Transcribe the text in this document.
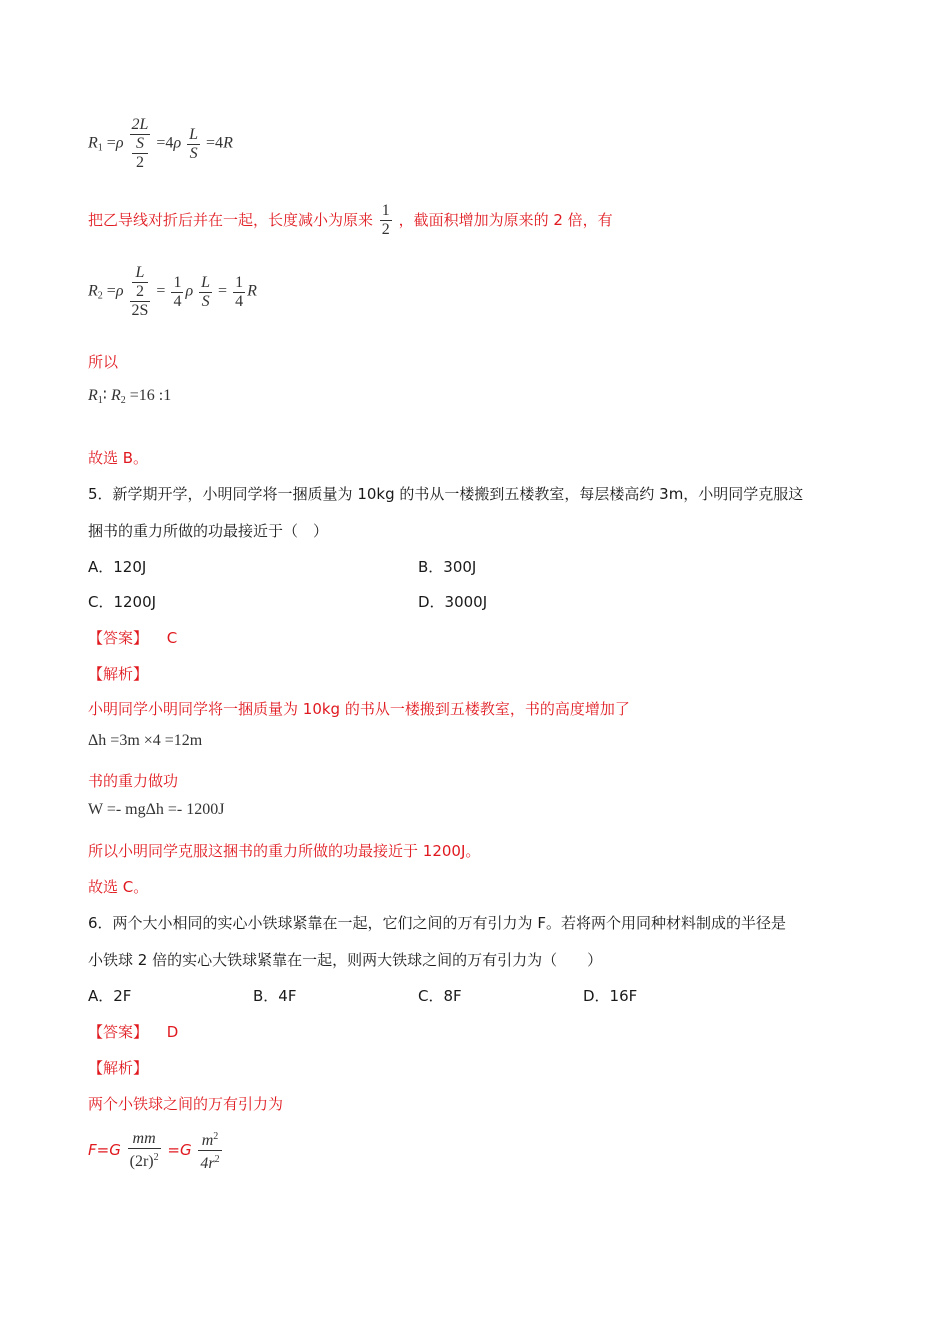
$R_1 =\rho$ 2L
S
$2 =4\rho \frac{L}{S} =4R$
把乙导线对折后并在一起，长度减小为原来 $\frac{1}{2}$ ，截面积增加为原来的 2 倍，有
$R_2 =\rho$ L
2
$2S = \frac{1}{4}$ ρ $\frac{L}{S} = \frac{1}{4}$ R
所以
$R_1∶$ $R_2 =16$ :1
故选 B。
5．新学期开学，小明同学将一捆质量为 10kg 的书从一楼搬到五楼教室，每层楼高约 3m，小明同学克服这
捆书的重力所做的功最接近于（　）
A．120J	B．300J
C．1200J	D．3000J
【答案】 C
【解析】
小明同学小明同学将一捆质量为 10kg 的书从一楼搬到五楼教室，书的高度增加了
Δh =3m ×4 =12m
书的重力做功
W =- mgΔh =- 1200J
所以小明同学克服这捆书的重力所做的功最接近于 1200J。
故选 C。
6．两个大小相同的实心小铁球紧靠在一起，它们之间的万有引力为 F。若将两个用同种材料制成的半径是
小铁球 2 倍的实心大铁球紧靠在一起，则两大铁球之间的万有引力为（　　）
A．2F	B．4F	C．8F	D．16F
【答案】 D
【解析】
两个小铁球之间的万有引力为
$F=G \frac{mm}{(2r)^2} =G \frac{m^2}{4r^2}$
